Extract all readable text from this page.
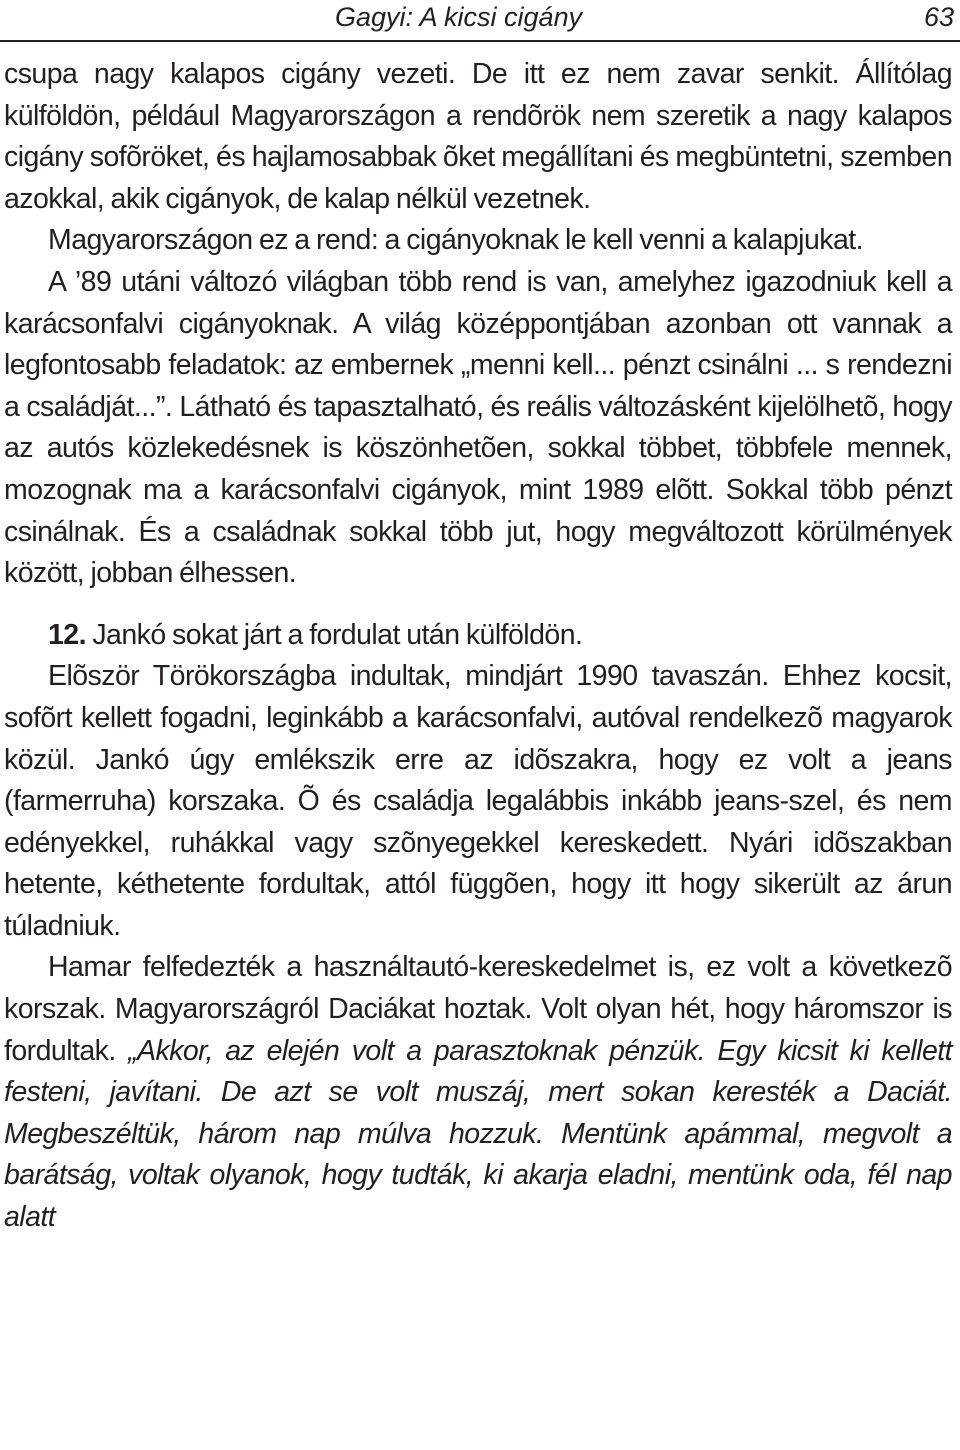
Gagyi: A kicsi cigány	63

csupa nagy kalapos cigány vezeti. De itt ez nem zavar senkit. Állítólag külföldön, például Magyarországon a rendõrök nem szeretik a nagy kalapos cigány sofõröket, és hajlamosabbak õket megállítani és megbüntetni, szemben azokkal, akik cigányok, de kalap nélkül vezetnek.

Magyarországon ez a rend: a cigányoknak le kell venni a kalapjukat.

A ’89 utáni változó világban több rend is van, amelyhez igazodniuk kell a karácsonfalvi cigányoknak. A világ középpontjában azonban ott vannak a legfontosabb feladatok: az embernek „menni kell... pénzt csinálni ... s rendezni a családját...”. Látható és tapasztalható, és reális változásként kijelölhetõ, hogy az autós közlekedésnek is köszönhetõen, sokkal többet, többfele mennek, mozognak ma a karácsonfalvi cigányok, mint 1989 elõtt. Sokkal több pénzt csinálnak. És a családnak sokkal több jut, hogy megváltozott körülmények között, jobban élhessen.

12. Jankó sokat járt a fordulat után külföldön.

Elõször Törökországba indultak, mindjárt 1990 tavaszán. Ehhez kocsit, sofõrt kellett fogadni, leginkább a karácsonfalvi, autóval rendelkezõ magyarok közül. Jankó úgy emlékszik erre az idõszakra, hogy ez volt a jeans (farmerruha) korszaka. Õ és családja legalábbis inkább jeans-szel, és nem edényekkel, ruhákkal vagy szõnyegekkel kereskedett. Nyári idõszakban hetente, kéthetente fordultak, attól függõen, hogy itt hogy sikerült az árun túladniuk.

Hamar felfedezték a használtautó-kereskedelmet is, ez volt a következõ korszak. Magyarországról Daciákat hoztak. Volt olyan hét, hogy háromszor is fordultak. „Akkor, az elején volt a parasztoknak pénzük. Egy kicsit ki kellett festeni, javítani. De azt se volt muszáj, mert sokan keresték a Daciát. Megbeszéltük, három nap múlva hozzuk. Mentünk apámmal, megvolt a barátság, voltak olyanok, hogy tudták, ki akarja eladni, mentünk oda, fél nap alatt
